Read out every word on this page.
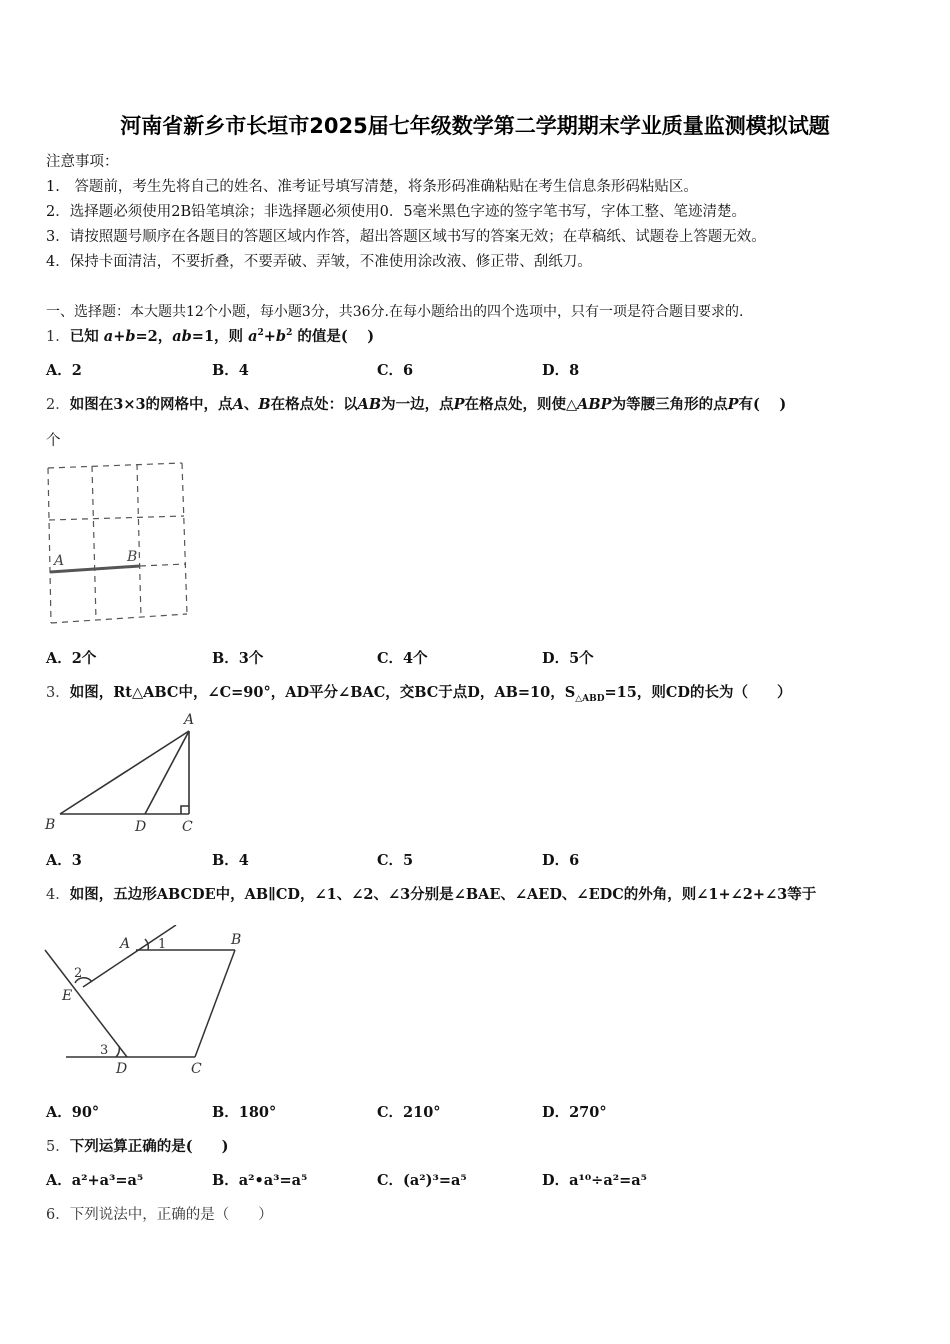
河南省新乡市长垣市2025届七年级数学第二学期期末学业质量监测模拟试题
注意事项：
1.　答题前，考生先将自己的姓名、准考证号填写清楚，将条形码准确粘贴在考生信息条形码粘贴区。
2．选择题必须使用2B铅笔填涂；非选择题必须使用0．5毫米黑色字迹的签字笔书写，字体工整、笔迹清楚。
3．请按照题号顺序在各题目的答题区域内作答，超出答题区域书写的答案无效；在草稿纸、试题卷上答题无效。
4．保持卡面清洁，不要折叠，不要弄破、弄皱，不准使用涂改液、修正带、刮纸刀。
一、选择题：本大题共12个小题，每小题3分，共36分.在每小题给出的四个选项中，只有一项是符合题目要求的.
1．已知 a+b=2，ab=1，则 $a^2+b^2$ 的值是(　 )
A．2	B．4	C．6	D．8
2．如图在3×3的网格中，点A、B在格点处：以AB为一边，点P在格点处，则使△ABP为等腰三角形的点P有(　 )
个
A	B
A．2个	B．3个	C．4个	D．5个
3．如图，Rt△ABC中，∠C=90°，AD平分∠BAC，交BC于点D，AB=10，$S_{\triangle ABD}=15$，则CD的长为（　　）
A
B	D	C
A．3	B．4	C．5	D．6
4．如图，五边形ABCDE中，AB∥CD，∠1、∠2、∠3分别是∠BAE、∠AED、∠EDC的外角，则∠1+∠2+∠3等于
A	B
E
D	C
1
2
3
A．90°	B．180°	C．210°	D．270°
5．下列运算正确的是(　　)
A．a²+a³=a⁵	B．a²•a³=a⁵	C．(a²)³=a⁵	D．a¹⁰÷a²=a⁵
6．下列说法中，正确的是（　　）
